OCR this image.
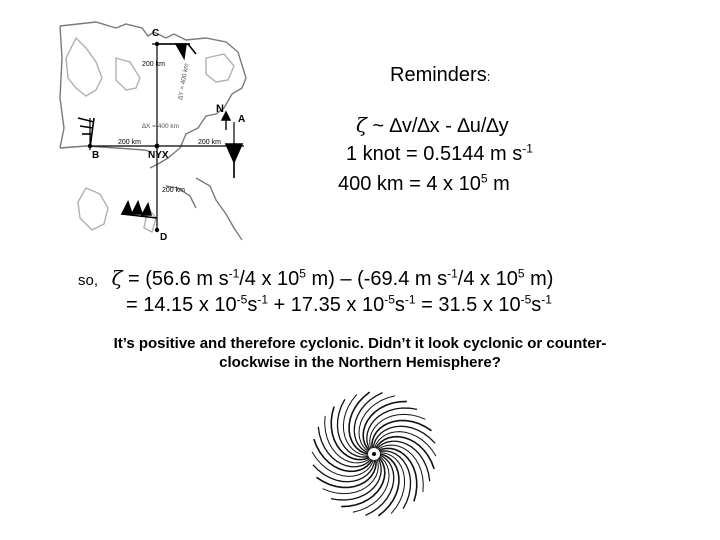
C
D
A
B
N
NYX
200 km
200 km	200 km
200 km
∆Y = 400 km
∆X = 400 km
Reminders:
ζ ~ ∆v/∆x - ∆u/∆y
1 knot = 0.5144 m $s^{-1}$
400 km = 4 x $10^5$ m
so, ζ = (56.6 m $s^{-1}/4$ x $10^5$ m) – (-69.4 m $s^{-1}/4$ x $10^5$ m)
= 14.15 x $10^{-5}s^{-1} + 17.35$ x $10^{-5}s^{-1} = 31.5$ x $10^{-5}s^{-1}$
It’s positive and therefore cyclonic. Didn’t it look cyclonic or counter-
clockwise in the Northern Hemisphere?
